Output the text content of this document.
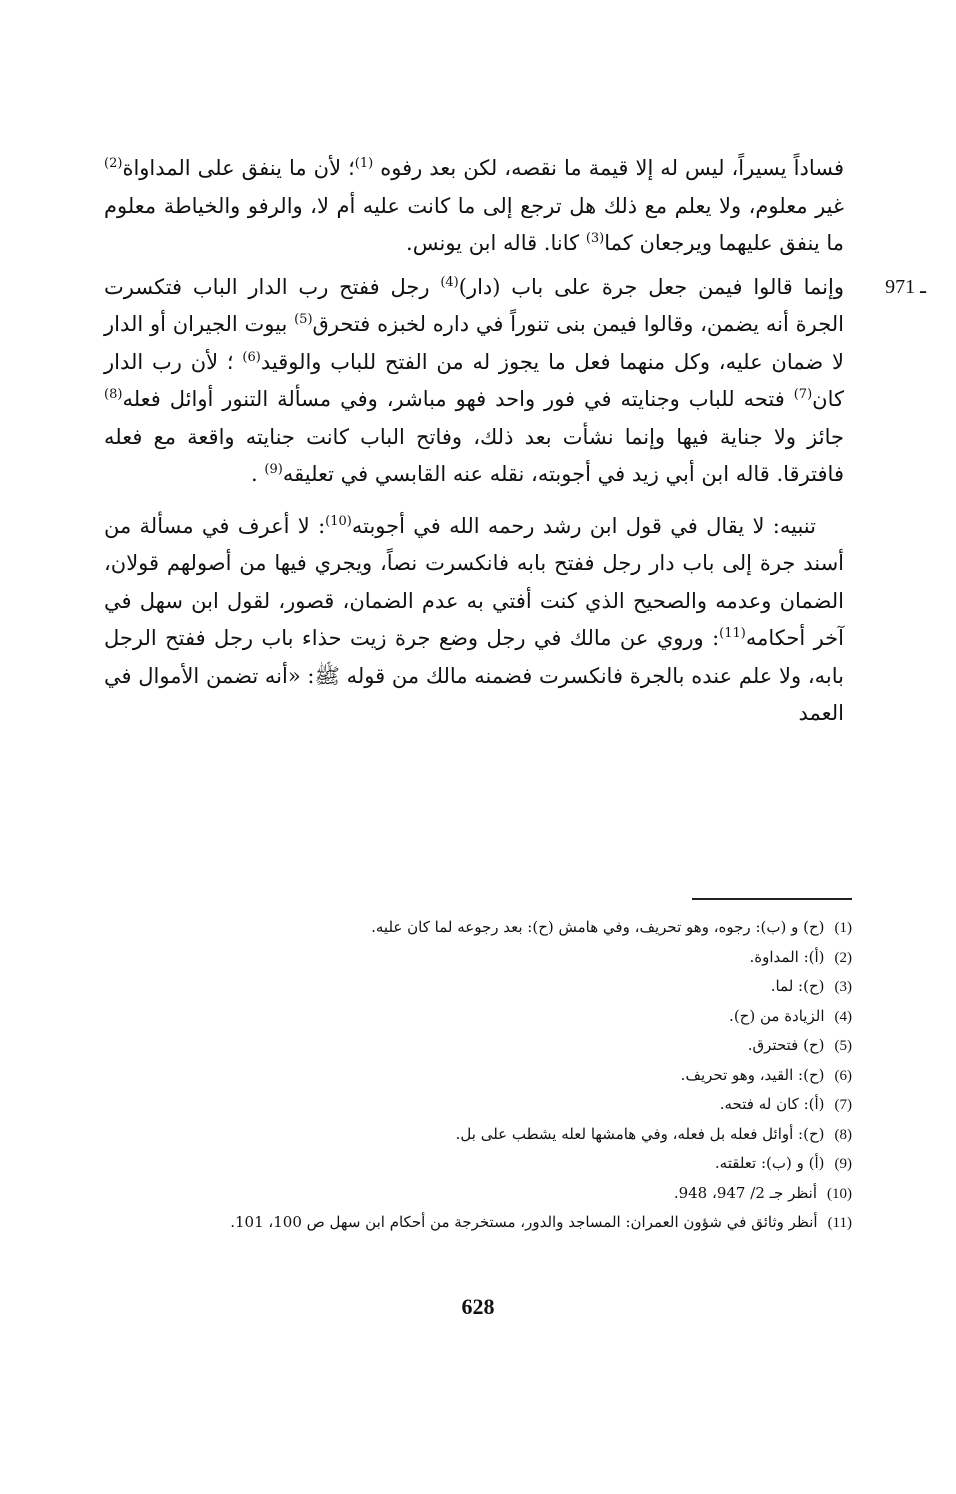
فساداً يسيراً، ليس له إلا قيمة ما نقصه، لكن بعد رفوه $^{(1)}$؛ لأن ما ينفق على المداواة$^{(2)}$ غير معلوم، ولا يعلم مع ذلك هل ترجع إلى ما كانت عليه أم لا، والرفو والخياطة معلوم ما ينفق عليهما ويرجعان كما$^{(3)}$ كانا. قاله ابن يونس.

971 ـ
وإنما قالوا فيمن جعل جرة على باب (دار)$^{(4)}$ رجل ففتح رب الدار الباب فتكسرت الجرة أنه يضمن، وقالوا فيمن بنى تنوراً في داره لخبزه فتحرق$^{(5)}$ بيوت الجيران أو الدار لا ضمان عليه، وكل منهما فعل ما يجوز له من الفتح للباب والوقيد$^{(6)}$ ؛ لأن رب الدار كان$^{(7)}$ فتحه للباب وجنايته في فور واحد فهو مباشر، وفي مسألة التنور أوائل فعله$^{(8)}$ جائز ولا جناية فيها وإنما نشأت بعد ذلك، وفاتح الباب كانت جنايته واقعة مع فعله فافترقا. قاله ابن أبي زيد في أجوبته، نقله عنه القابسي في تعليقه$^{(9)}$ .

تنبيه: لا يقال في قول ابن رشد رحمه الله في أجوبته$^{(10)}$: لا أعرف في مسألة من أسند جرة إلى باب دار رجل ففتح بابه فانكسرت نصاً، ويجري فيها من أصولهم قولان، الضمان وعدمه والصحيح الذي كنت أفتي به عدم الضمان، قصور، لقول ابن سهل في آخر أحكامه$^{(11)}$: وروي عن مالك في رجل وضع جرة زيت حذاء باب رجل ففتح الرجل بابه، ولا علم عنده بالجرة فانكسرت فضمنه مالك من قوله ﷺ: «أنه تضمن الأموال في العمد

(1)
(ح) و (ب): رجوه، وهو تحريف، وفي هامش (ح): بعد رجوعه لما كان عليه.
(2)
(أ): المداوة.
(3)
(ح): لما.
(4)
الزيادة من (ح).
(5)
(ح) فتحترق.
(6)
(ح): القيد، وهو تحريف.
(7)
(أ): كان له فتحه.
(8)
(ح): أوائل فعله بل فعله، وفي هامشها لعله يشطب على بل.
(9)
(أ) و (ب): تعلقته.
(10)
أنظر جـ 2/ 947، 948.
(11)
أنظر وثائق في شؤون العمران: المساجد والدور، مستخرجة من أحكام ابن سهل ص 100، 101.
628
